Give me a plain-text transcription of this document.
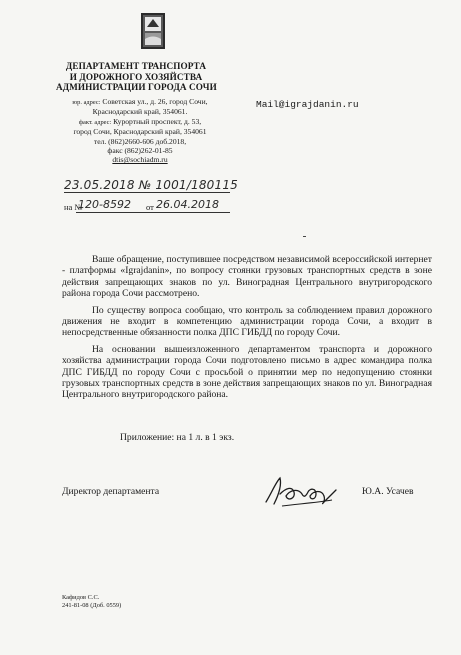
ДЕПАРТАМЕНТ ТРАНСПОРТА
И ДОРОЖНОГО ХОЗЯЙСТВА
АДМИНИСТРАЦИИ ГОРОДА СОЧИ
юр. адрес: Советская ул., д. 26, город Сочи,
Краснодарский край, 354061.
факт. адрес: Курортный проспект, д. 53,
город Сочи, Краснодарский край, 354061
тел. (862)2660-606 доб.2018,
факс (862)262-01-85
dtis@sochiadm.ru
Mail@igrajdanin.ru
23.05.2018 № 1001/180115
на №
120-8592 от 26.04.2018

Ваше обращение, поступившее посредством независимой всероссийской интернет - платформы «Igrajdanin», по вопросу стоянки грузовых транспортных средств в зоне действия запрещающих знаков по ул. Виноградная Центрального внутригородского района города Сочи рассмотрено.

По существу вопроса сообщаю, что контроль за соблюдением правил дорожного движения не входит в компетенцию администрации города Сочи, а входит в непосредственные обязанности полка ДПС ГИБДД по городу Сочи.

На основании вышеизложенного департаментом транспорта и дорожного хозяйства администрации города Сочи подготовлено письмо в адрес командира полка ДПС ГИБДД по городу Сочи с просьбой о принятии мер по недопущению стоянки грузовых транспортных средств в зоне действия запрещающих знаков по ул. Виноградная Центрального внутригородского района.

Приложение: на 1 л. в 1 экз.
Директор департамента	Ю.А. Усачев
Кафидов С.С.
241-81-08 (Доб. 0559)
